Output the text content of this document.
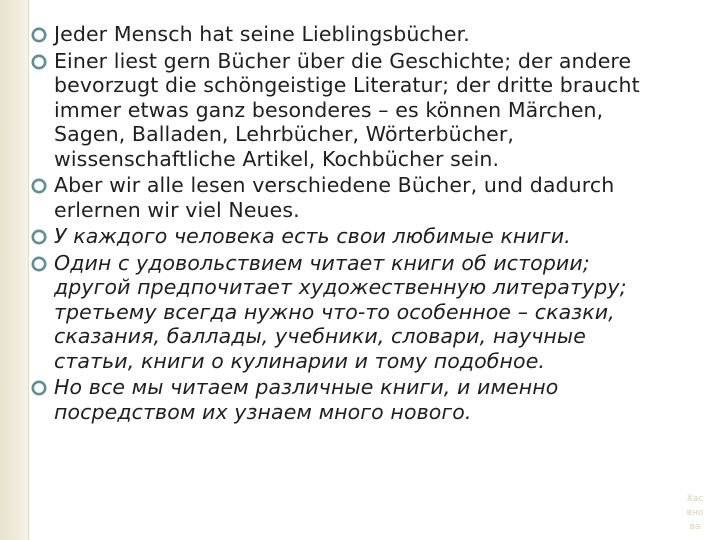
Jeder Mensch hat seine Lieblingsbücher.

Einer liest gern Bücher über die Geschichte; der andere bevorzugt die schöngeistige Literatur; der dritte braucht immer etwas ganz besonderes – es können Märchen, Sagen, Balladen, Lehrbücher, Wörterbücher, wissenschaftliche Artikel, Kochbücher sein.

Aber wir alle lesen verschiedene Bücher, und dadurch erlernen wir viel Neues.

У каждого человека есть свои любимые книги.

Один с удовольствием читает книги об истории; другой предпочитает художественную литературу; третьему всегда нужно что-то особенное – сказки, сказания, баллады, учебники, словари, научные статьи, книги о кулинарии и тому подобное.

Но все мы читаем различные книги, и именно посредством их узнаем много нового.

Хас
вно
ва
